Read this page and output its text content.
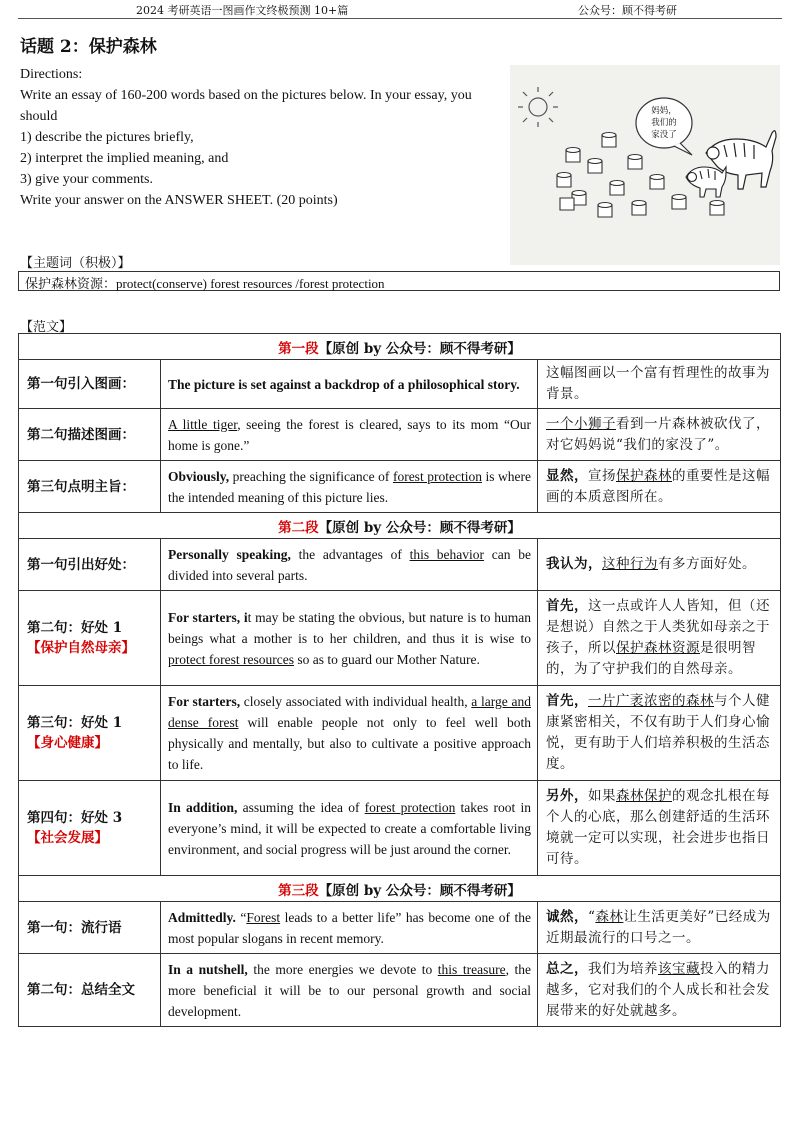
2024 考研英语一图画作文终极预测 10+篇	公众号：顾不得考研
话题 2：保护森林
Directions:
Write an essay of 160-200 words based on the pictures below. In your essay, you should
1) describe the pictures briefly,
2) interpret the implied meaning, and
3) give your comments.
Write your answer on the ANSWER SHEET. (20 points)
妈妈，
我们的
家没了
【主题词（积极）】
保护森林资源：protect(conserve) forest resources /forest protection
【范文】
第一段【原创 by 公众号：顾不得考研】		

第一句引入图画：	The picture is set against a backdrop of a philosophical story.	这幅图画以一个富有哲理性的故事为背景。

第二句描述图画：	A little tiger, seeing the forest is cleared, says to its mom “Our home is gone.”	一个小狮子看到一片森林被砍伐了，对它妈妈说“我们的家没了”。

第三句点明主旨：	Obviously, preaching the significance of forest protection is where the intended meaning of this picture lies.	显然，宣扬保护森林的重要性是这幅画的本质意图所在。
第二段【原创 by 公众号：顾不得考研】		

第一句引出好处：	Personally speaking, the advantages of this behavior can be divided into several parts.	我认为，这种行为有多方面好处。

第二句：好处 1
【保护自然母亲】	For starters, it may be stating the obvious, but nature is to human beings what a mother is to her children, and thus it is wise to protect forest resources so as to guard our Mother Nature.	首先，这一点或许人人皆知，但（还是想说）自然之于人类犹如母亲之于孩子，所以保护森林资源是很明智的，为了守护我们的自然母亲。

第三句：好处 1
【身心健康】	For starters, closely associated with individual health, a large and dense forest will enable people not only to feel well both physically and mentally, but also to cultivate a positive approach to life.	首先，一片广袤浓密的森林与个人健康紧密相关，不仅有助于人们身心愉悦，更有助于人们培养积极的生活态度。

第四句：好处 3
【社会发展】	In addition, assuming the idea of forest protection takes root in everyone’s mind, it will be expected to create a comfortable living environment, and social progress will be just around the corner.	另外，如果森林保护的观念扎根在每个人的心底，那么创建舒适的生活环境就一定可以实现，社会进步也指日可待。
第三段【原创 by 公众号：顾不得考研】		

第一句：流行语	Admittedly. “Forest leads to a better life” has become one of the most popular slogans in recent memory.	诚然，“森林让生活更美好”已经成为近期最流行的口号之一。

第二句：总结全文	In a nutshell, the more energies we devote to this treasure, the more beneficial it will be to our personal growth and social development.	总之，我们为培养该宝藏投入的精力越多，它对我们的个人成长和社会发展带来的好处就越多。
